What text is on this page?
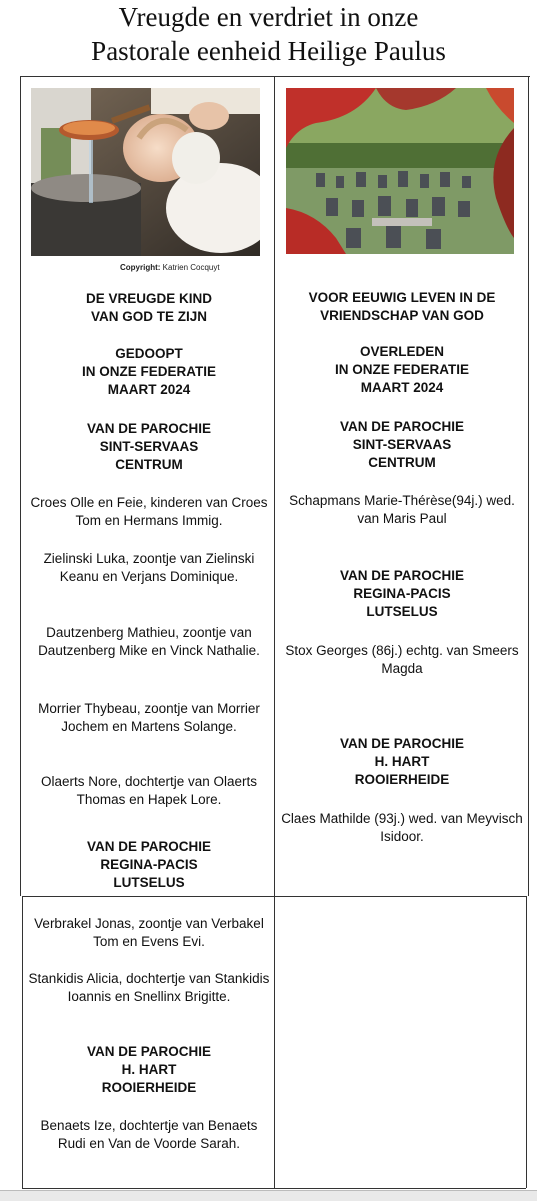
Vreugde en verdriet in onze
Pastorale eenheid Heilige Paulus
Copyright: Katrien Cocquyt
DE VREUGDE KIND
VAN GOD TE ZIJN
GEDOOPT
IN ONZE FEDERATIE
MAART 2024
VAN DE PAROCHIE
SINT-SERVAAS
CENTRUM
Croes Olle en Feie, kinderen van Croes Tom en Hermans Immig.
Zielinski Luka, zoontje van Zielinski Keanu en Verjans Dominique.
Dautzenberg Mathieu, zoontje van Dautzenberg Mike en Vinck Nathalie.
Morrier Thybeau, zoontje van Morrier Jochem en Martens Solange.
Olaerts Nore, dochtertje van Olaerts Thomas en Hapek Lore.
VAN DE PAROCHIE
REGINA-PACIS
LUTSELUS
Verbrakel Jonas, zoontje van Verbakel Tom en Evens Evi.
Stankidis Alicia, dochtertje van Stankidis Ioannis en Snellinx Brigitte.
VAN DE PAROCHIE
H. HART
ROOIERHEIDE
Benaets Ize, dochtertje van Benaets Rudi en Van de Voorde Sarah.
VOOR EEUWIG LEVEN IN DE
VRIENDSCHAP VAN GOD
OVERLEDEN
IN ONZE FEDERATIE
MAART 2024
VAN DE PAROCHIE
SINT-SERVAAS
CENTRUM
Schapmans Marie-Thérèse(94j.) wed. van Maris Paul
VAN DE PAROCHIE
REGINA-PACIS
LUTSELUS
Stox Georges (86j.) echtg. van Smeers Magda
VAN DE PAROCHIE
H. HART
ROOIERHEIDE
Claes Mathilde (93j.) wed. van Meyvisch Isidoor.
